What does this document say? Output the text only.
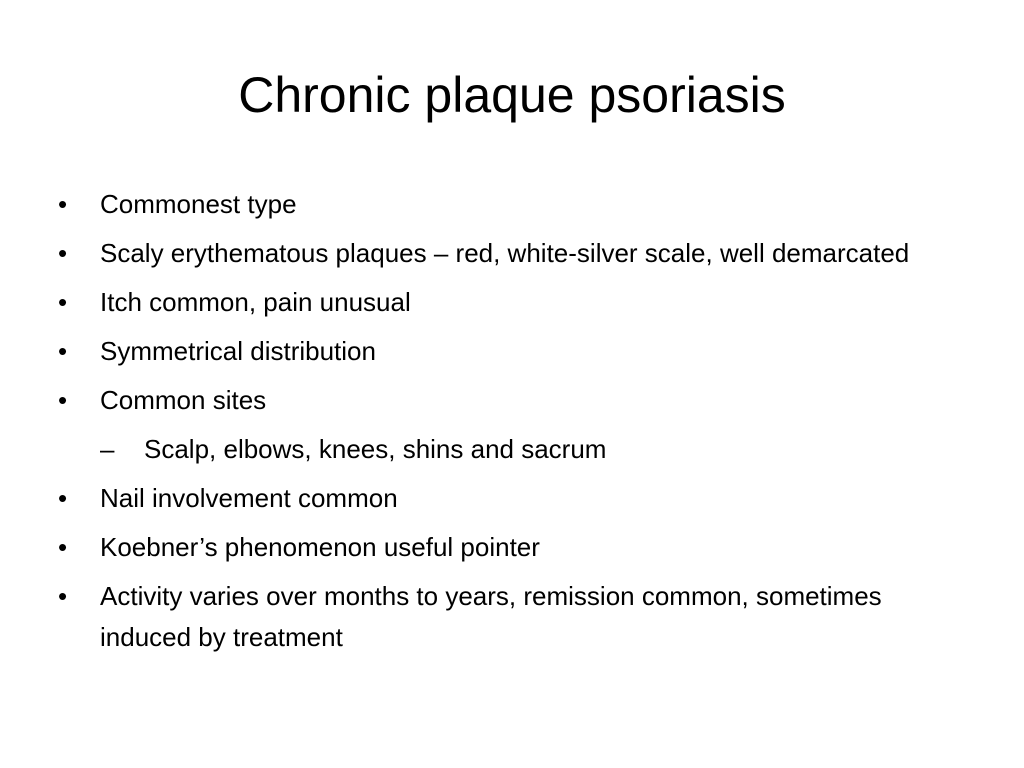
Chronic plaque psoriasis
•	Commonest type
•	Scaly erythematous plaques – red, white-silver scale, well demarcated
•	Itch common, pain unusual
•	Symmetrical distribution
•	Common sites
–	Scalp, elbows, knees, shins and sacrum
•	Nail involvement common
•	Koebner’s phenomenon useful pointer
•	Activity varies over months to years, remission common, sometimes induced by treatment
